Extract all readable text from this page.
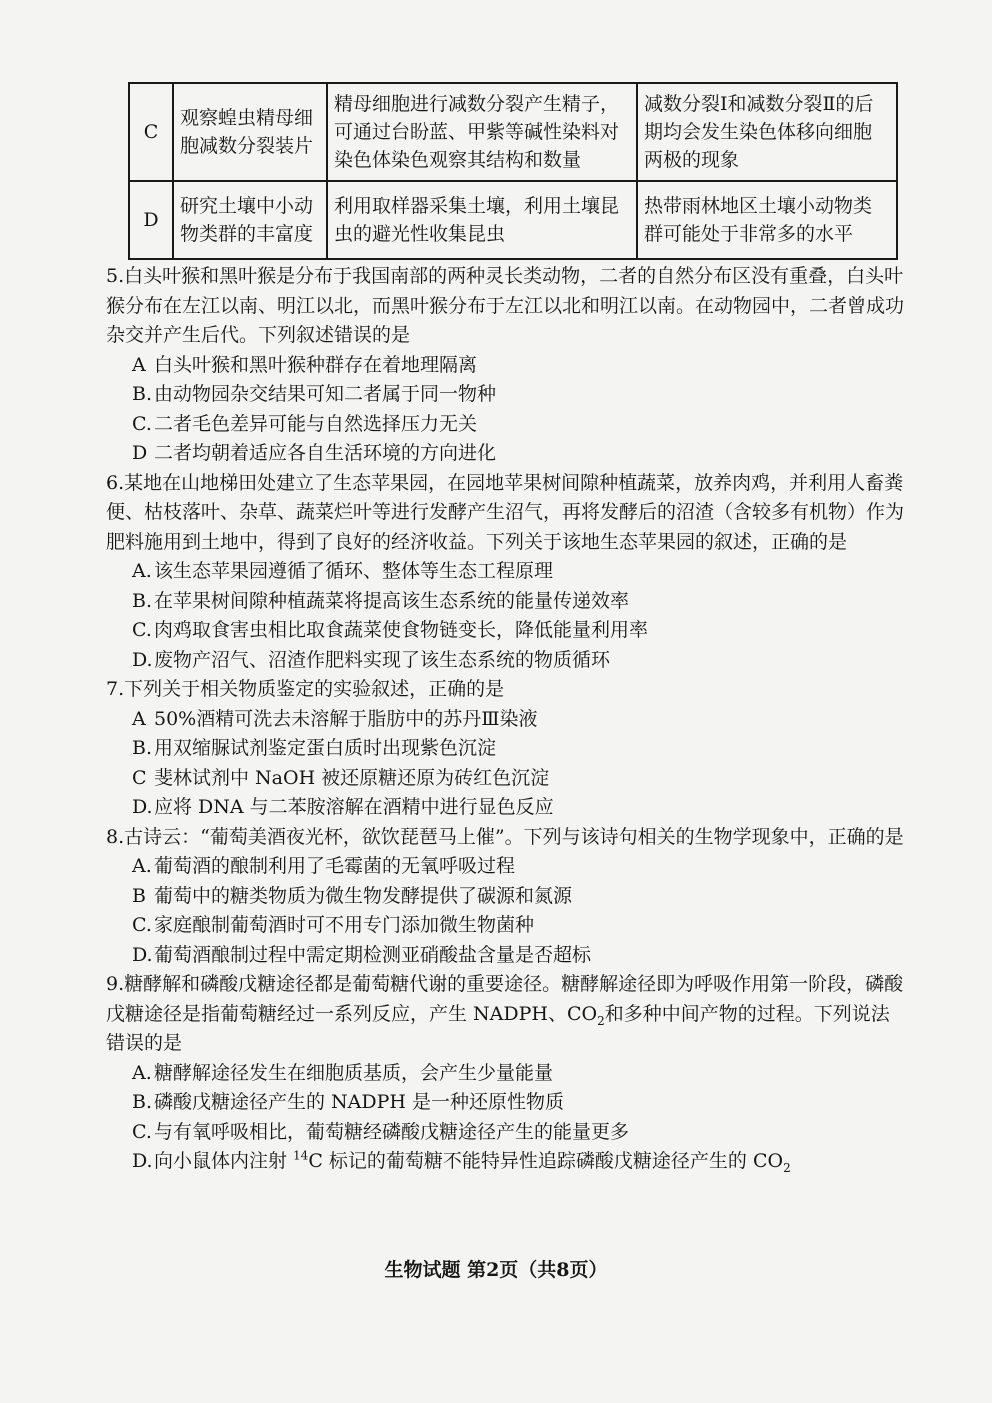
C	观察蝗虫精母细胞减数分裂装片	精母细胞进行减数分裂产生精子，可通过台盼蓝、甲紫等碱性染料对染色体染色观察其结构和数量	减数分裂Ⅰ和减数分裂Ⅱ的后期均会发生染色体移向细胞两极的现象
D	研究土壤中小动物类群的丰富度	利用取样器采集土壤，利用土壤昆虫的避光性收集昆虫	热带雨林地区土壤小动物类群可能处于非常多的水平

5.白头叶猴和黑叶猴是分布于我国南部的两种灵长类动物，二者的自然分布区没有重叠，白头叶猴分布在左江以南、明江以北，而黑叶猴分布于左江以北和明江以南。在动物园中，二者曾成功杂交并产生后代。下列叙述错误的是

A 白头叶猴和黑叶猴种群存在着地理隔离

B. 由动物园杂交结果可知二者属于同一物种

C. 二者毛色差异可能与自然选择压力无关

D 二者均朝着适应各自生活环境的方向进化

6.某地在山地梯田处建立了生态苹果园，在园地苹果树间隙种植蔬菜，放养肉鸡，并利用人畜粪便、枯枝落叶、杂草、蔬菜烂叶等进行发酵产生沼气，再将发酵后的沼渣（含较多有机物）作为肥料施用到土地中，得到了良好的经济收益。下列关于该地生态苹果园的叙述，正确的是

A. 该生态苹果园遵循了循环、整体等生态工程原理

B. 在苹果树间隙种植蔬菜将提高该生态系统的能量传递效率

C. 肉鸡取食害虫相比取食蔬菜使食物链变长，降低能量利用率

D.废物产沼气、沼渣作肥料实现了该生态系统的物质循环

7.下列关于相关物质鉴定的实验叙述，正确的是

A 50%酒精可洗去未溶解于脂肪中的苏丹Ⅲ染液

B. 用双缩脲试剂鉴定蛋白质时出现紫色沉淀

C 斐林试剂中 NaOH 被还原糖还原为砖红色沉淀

D.应将 DNA 与二苯胺溶解在酒精中进行显色反应

8.古诗云：“葡萄美酒夜光杯，欲饮琵琶马上催”。下列与该诗句相关的生物学现象中，正确的是

A. 葡萄酒的酿制利用了毛霉菌的无氧呼吸过程

B 葡萄中的糖类物质为微生物发酵提供了碳源和氮源

C. 家庭酿制葡萄酒时可不用专门添加微生物菌种

D.葡萄酒酿制过程中需定期检测亚硝酸盐含量是否超标

9.糖酵解和磷酸戊糖途径都是葡萄糖代谢的重要途径。糖酵解途径即为呼吸作用第一阶段，磷酸戊糖途径是指葡萄糖经过一系列反应，产生 NADPH、$CO_2$和多种中间产物的过程。下列说法错误的是

A. 糖酵解途径发生在细胞质基质，会产生少量能量

B. 磷酸戊糖途径产生的 NADPH 是一种还原性物质

C. 与有氧呼吸相比，葡萄糖经磷酸戊糖途径产生的能量更多

D.向小鼠体内注射 $^{14}$C 标记的葡萄糖不能特异性追踪磷酸戊糖途径产生的 $CO_2$

生物试题 第2页（共8页）
